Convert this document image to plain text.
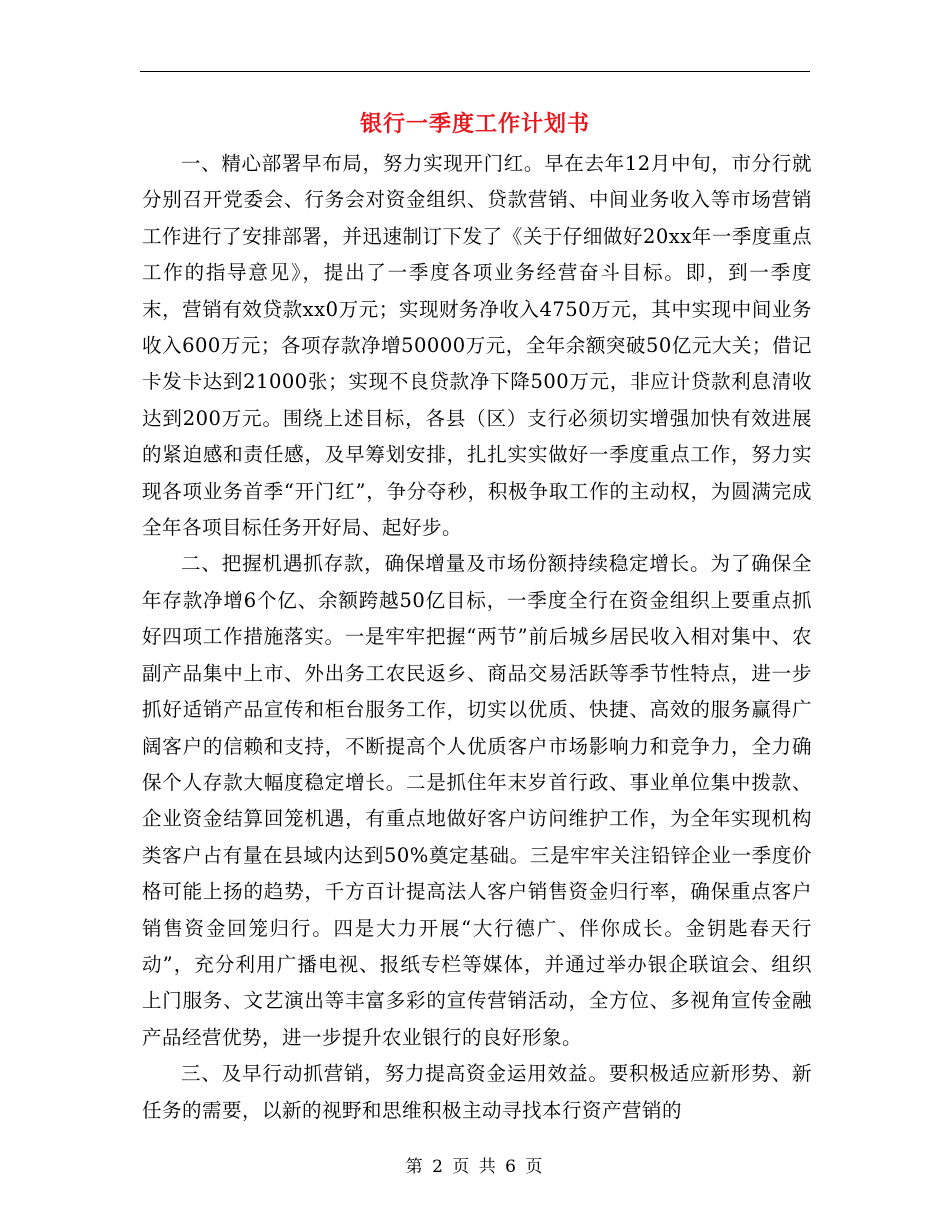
银行一季度工作计划书

一、精心部署早布局，努力实现开门红。早在去年12月中旬，市分行就分别召开党委会、行务会对资金组织、贷款营销、中间业务收入等市场营销工作进行了安排部署，并迅速制订下发了《关于仔细做好20xx年一季度重点工作的指导意见》，提出了一季度各项业务经营奋斗目标。即，到一季度末，营销有效贷款xx0万元；实现财务净收入4750万元，其中实现中间业务收入600万元；各项存款净增50000万元，全年余额突破50亿元大关；借记卡发卡达到21000张；实现不良贷款净下降500万元，非应计贷款利息清收达到200万元。围绕上述目标，各县（区）支行必须切实增强加快有效进展的紧迫感和责任感，及早筹划安排，扎扎实实做好一季度重点工作，努力实现各项业务首季“开门红”，争分夺秒，积极争取工作的主动权，为圆满完成全年各项目标任务开好局、起好步。

二、把握机遇抓存款，确保增量及市场份额持续稳定增长。为了确保全年存款净增6个亿、余额跨越50亿目标，一季度全行在资金组织上要重点抓好四项工作措施落实。一是牢牢把握“两节”前后城乡居民收入相对集中、农副产品集中上市、外出务工农民返乡、商品交易活跃等季节性特点，进一步抓好适销产品宣传和柜台服务工作，切实以优质、快捷、高效的服务赢得广阔客户的信赖和支持，不断提高个人优质客户市场影响力和竞争力，全力确保个人存款大幅度稳定增长。二是抓住年末岁首行政、事业单位集中拨款、企业资金结算回笼机遇，有重点地做好客户访问维护工作，为全年实现机构类客户占有量在县域内达到50%奠定基础。三是牢牢关注铅锌企业一季度价格可能上扬的趋势，千方百计提高法人客户销售资金归行率，确保重点客户销售资金回笼归行。四是大力开展“大行德广、伴你成长。金钥匙春天行动”，充分利用广播电视、报纸专栏等媒体，并通过举办银企联谊会、组织上门服务、文艺演出等丰富多彩的宣传营销活动，全方位、多视角宣传金融产品经营优势，进一步提升农业银行的良好形象。

三、及早行动抓营销，努力提高资金运用效益。要积极适应新形势、新任务的需要，以新的视野和思维积极主动寻找本行资产营销的

第 2 页 共 6 页
